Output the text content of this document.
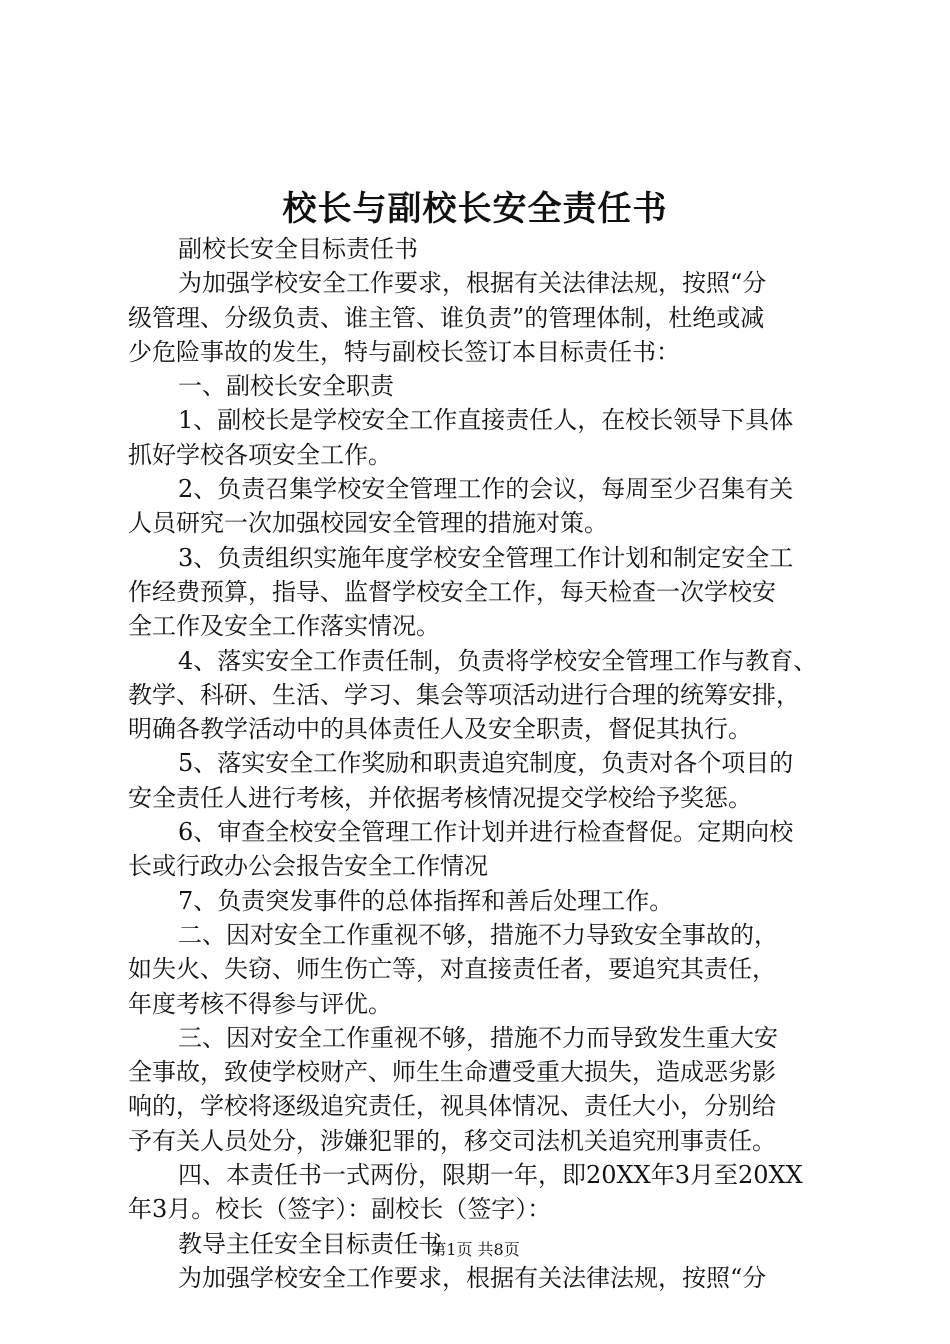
校长与副校长安全责任书
副校长安全目标责任书
为加强学校安全工作要求，根据有关法律法规，按照“分
级管理、分级负责、谁主管、谁负责”的管理体制，杜绝或减
少危险事故的发生，特与副校长签订本目标责任书：
一、副校长安全职责
1、副校长是学校安全工作直接责任人，在校长领导下具体
抓好学校各项安全工作。
2、负责召集学校安全管理工作的会议，每周至少召集有关
人员研究一次加强校园安全管理的措施对策。
3、负责组织实施年度学校安全管理工作计划和制定安全工
作经费预算，指导、监督学校安全工作，每天检查一次学校安
全工作及安全工作落实情况。
4、落实安全工作责任制，负责将学校安全管理工作与教育、
教学、科研、生活、学习、集会等项活动进行合理的统筹安排，
明确各教学活动中的具体责任人及安全职责，督促其执行。
5、落实安全工作奖励和职责追究制度，负责对各个项目的
安全责任人进行考核，并依据考核情况提交学校给予奖惩。
6、审查全校安全管理工作计划并进行检查督促。定期向校
长或行政办公会报告安全工作情况
7、负责突发事件的总体指挥和善后处理工作。
二、因对安全工作重视不够，措施不力导致安全事故的，
如失火、失窃、师生伤亡等，对直接责任者，要追究其责任，
年度考核不得参与评优。
三、因对安全工作重视不够，措施不力而导致发生重大安
全事故，致使学校财产、师生生命遭受重大损失，造成恶劣影
响的，学校将逐级追究责任，视具体情况、责任大小，分别给
予有关人员处分，涉嫌犯罪的，移交司法机关追究刑事责任。
四、本责任书一式两份，限期一年，即20XX年3月至20XX
年3月。校长（签字）：副校长（签字）：
教导主任安全目标责任书
为加强学校安全工作要求，根据有关法律法规，按照“分
第1页 共8页
